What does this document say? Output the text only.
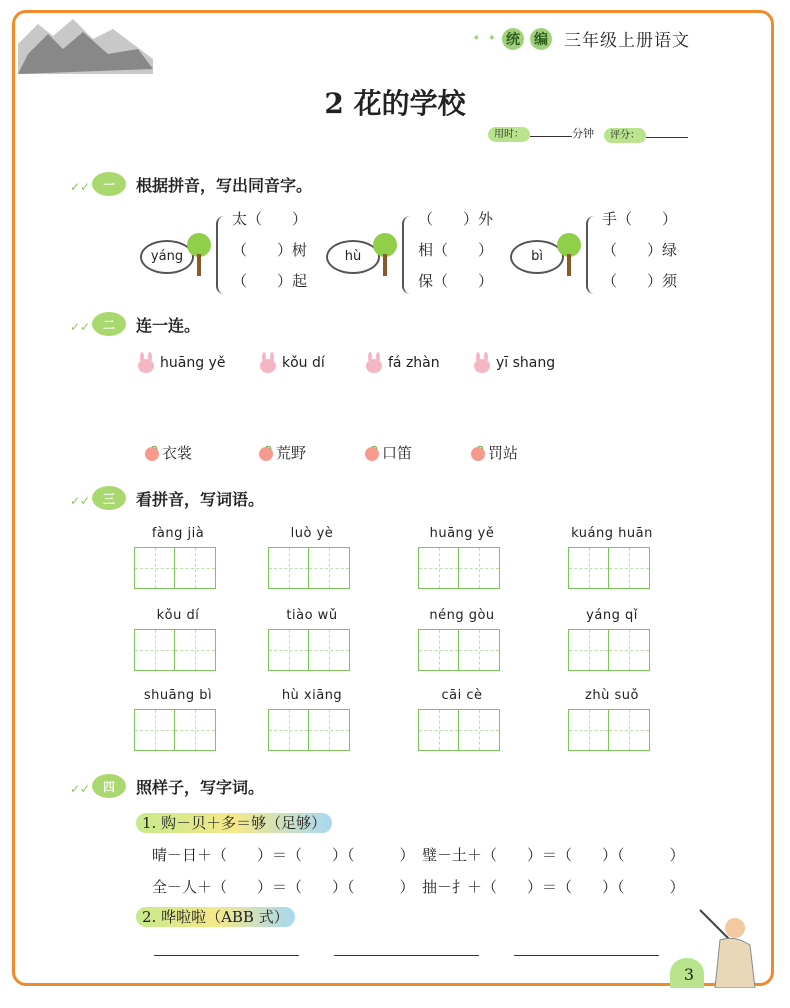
✦ ✦ 统 编 三年级上册语文
2 花的学校
用时：	分钟	评分：
✓✓	一	根据拼音，写出同音字。
yáng
太（　　）
（　　）树
（　　）起
hù
（　　）外
相（　　）
保（　　）
bì
手（　　）
（　　）绿
（　　）须
✓✓	二	连一连。
huāng yě	kǒu dí	fá zhàn	yī shang
衣裳	荒野	口笛	罚站
✓✓	三	看拼音，写词语。
fàng jià	luò yè	huāng yě	kuáng huān
kǒu dí	tiào wǔ	néng gòu	yáng qǐ
shuāng bì	hù xiāng	cāi cè	zhù suǒ
✓✓	四	照样子，写字词。
1. 购－贝＋多＝够（足够）
晴－日＋（　　）＝（　　）（　　　）　璧－土＋（　　）＝（　　）（　　　）
全－人＋（　　）＝（　　）（　　　）　抽－扌＋（　　）＝（　　）（　　　）
2. 哗啦啦（ABB 式）
3
